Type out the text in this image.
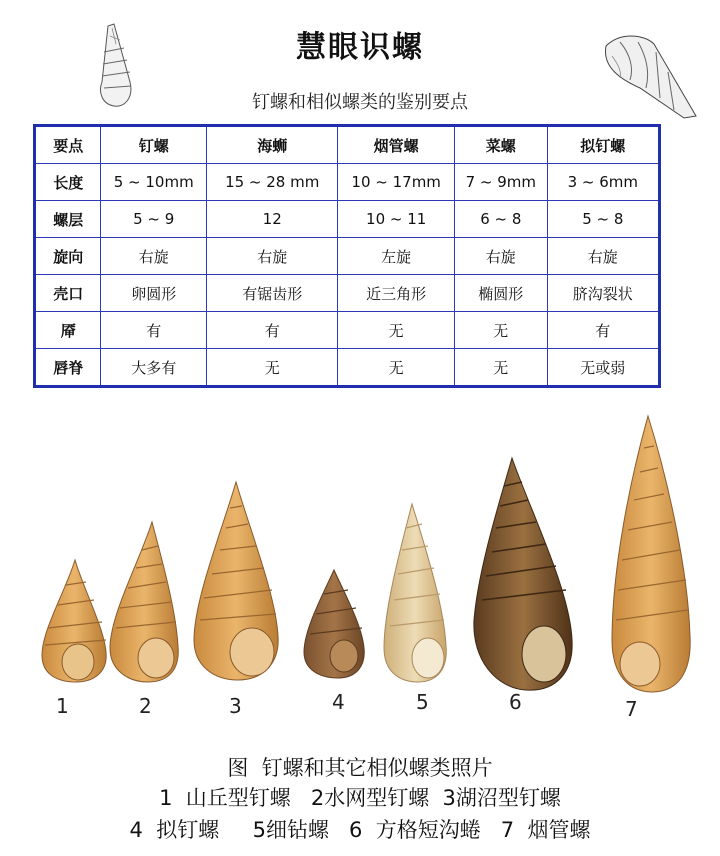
慧眼识螺
钉螺和相似螺类的鉴别要点
要点	钉螺	海蛳	烟管螺	菜螺	拟钉螺
长度	5 ~ 10mm	15 ~ 28 mm	10 ~ 17mm	7 ~ 9mm	3 ~ 6mm
螺层	5 ~ 9	12	10 ~ 11	6 ~ 8	5 ~ 8
旋向	右旋	右旋	左旋	右旋	右旋
壳口	卵圆形	有锯齿形	近三角形	椭圆形	脐沟裂状
厣	有	有	无	无	有
唇脊	大多有	无	无	无	无或弱
1	2	3	4	5	6	7
图  钉螺和其它相似螺类照片
1  山丘型钉螺   2水网型钉螺  3湖沼型钉螺
4  拟钉螺     5细钻螺   6  方格短沟蜷   7  烟管螺
